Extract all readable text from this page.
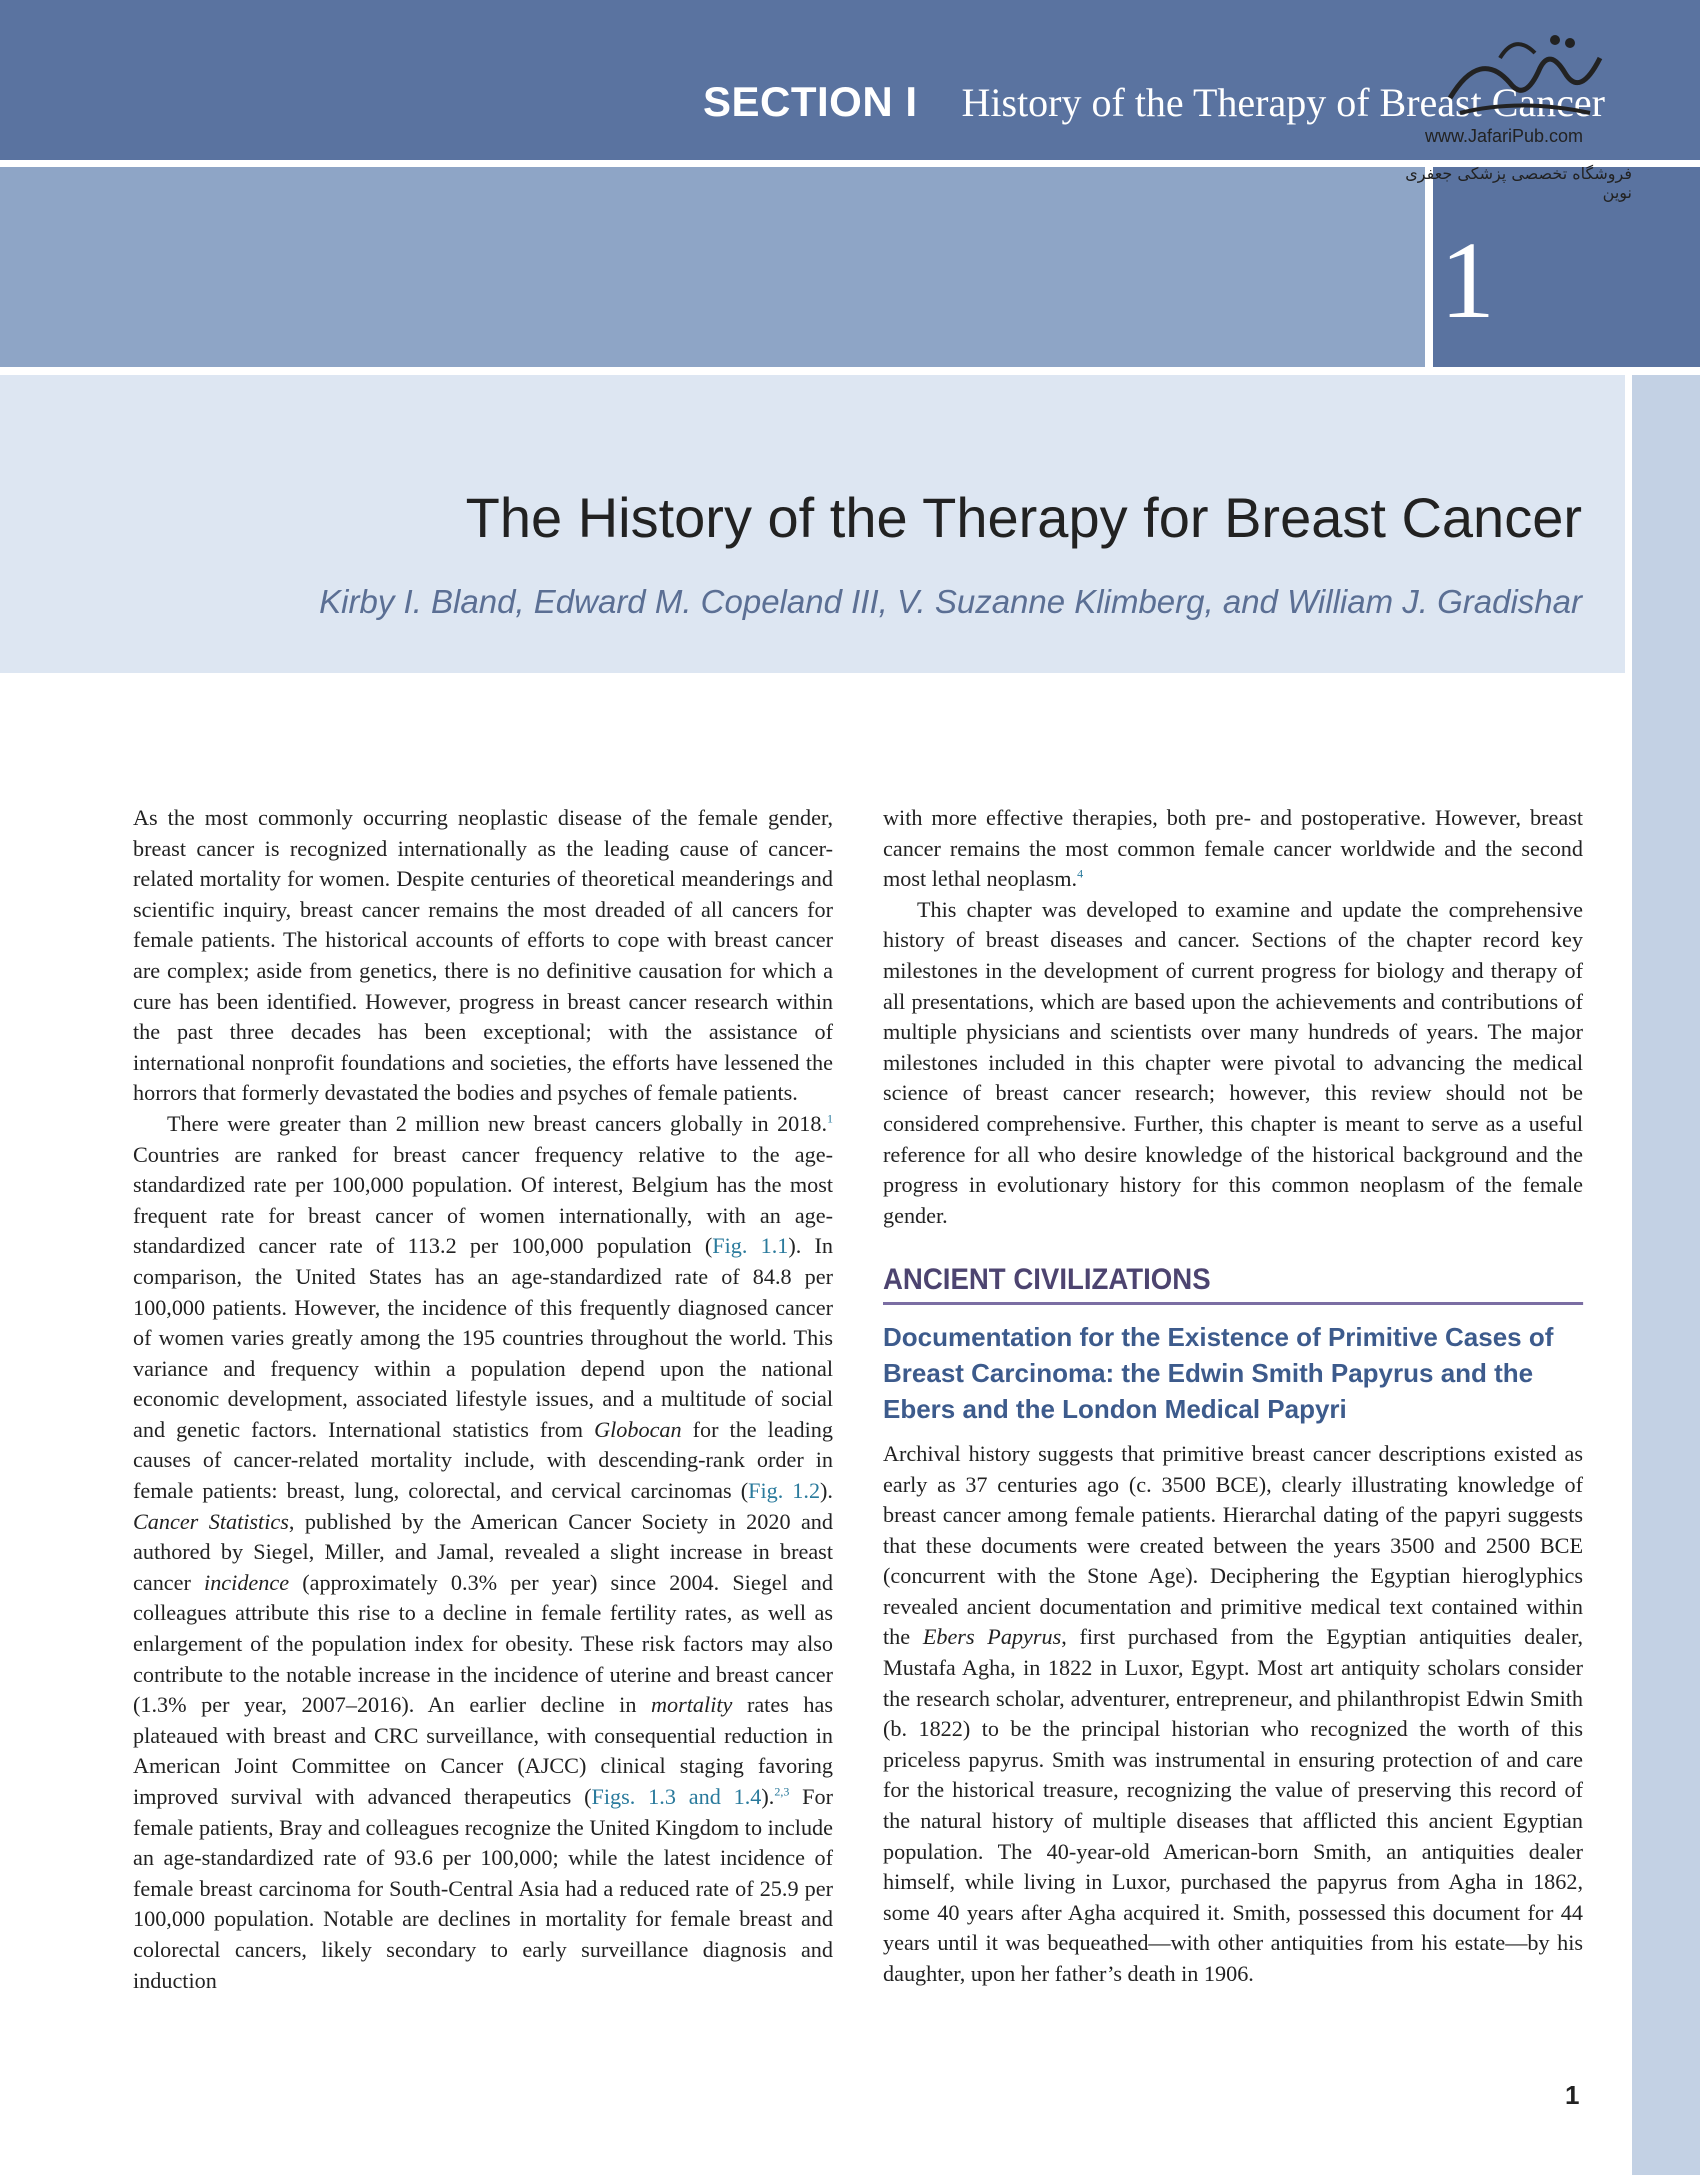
SECTION I History of the Therapy of Breast Cancer
1
www.JafariPub.com
فروشگاه تخصصی پزشکی جعفری نوین
The History of the Therapy for Breast Cancer
Kirby I. Bland, Edward M. Copeland III, V. Suzanne Klimberg, and William J. Gradishar

As the most commonly occurring neoplastic disease of the female gender, breast cancer is recognized internationally as the leading cause of cancer-related mortality for women. Despite centuries of theoretical meanderings and scientific inquiry, breast cancer remains the most dreaded of all cancers for female patients. The historical accounts of efforts to cope with breast cancer are complex; aside from genetics, there is no definitive causation for which a cure has been identified. However, progress in breast cancer research within the past three decades has been exceptional; with the assistance of international nonprofit foundations and societies, the efforts have lessened the horrors that formerly devastated the bodies and psyches of female patients.

There were greater than 2 million new breast cancers globally in 2018.$^1$ Countries are ranked for breast cancer frequency relative to the age-standardized rate per 100,000 population. Of interest, Belgium has the most frequent rate for breast cancer of women internationally, with an age-standardized cancer rate of 113.2 per 100,000 population (Fig. 1.1). In comparison, the United States has an age-standardized rate of 84.8 per 100,000 patients. However, the incidence of this frequently diagnosed cancer of women varies greatly among the 195 countries throughout the world. This variance and frequency within a population depend upon the national economic development, associated lifestyle issues, and a multitude of social and genetic factors. International statistics from Globocan for the leading causes of cancer-related mortality include, with descending-rank order in female patients: breast, lung, colorectal, and cervical carcinomas (Fig. 1.2). Cancer Statistics, published by the American Cancer Society in 2020 and authored by Siegel, Miller, and Jamal, revealed a slight increase in breast cancer incidence (approximately 0.3% per year) since 2004. Siegel and colleagues attribute this rise to a decline in female fertility rates, as well as enlargement of the population index for obesity. These risk factors may also contribute to the notable increase in the incidence of uterine and breast cancer (1.3% per year, 2007–2016). An earlier decline in mortality rates has plateaued with breast and CRC surveillance, with consequential reduction in American Joint Committee on Cancer (AJCC) clinical staging favoring improved survival with advanced therapeutics (Figs. 1.3 and 1.4).$^{2,3}$ For female patients, Bray and colleagues recognize the United Kingdom to include an age-standardized rate of 93.6 per 100,000; while the latest incidence of female breast carcinoma for South-Central Asia had a reduced rate of 25.9 per 100,000 population. Notable are declines in mortality for female breast and colorectal cancers, likely secondary to early surveillance diagnosis and induction

with more effective therapies, both pre- and postoperative. However, breast cancer remains the most common female cancer worldwide and the second most lethal neoplasm.$^4$

This chapter was developed to examine and update the comprehensive history of breast diseases and cancer. Sections of the chapter record key milestones in the development of current progress for biology and therapy of all presentations, which are based upon the achievements and contributions of multiple physicians and scientists over many hundreds of years. The major milestones included in this chapter were pivotal to advancing the medical science of breast cancer research; however, this review should not be considered comprehensive. Further, this chapter is meant to serve as a useful reference for all who desire knowledge of the historical background and the progress in evolutionary history for this common neoplasm of the female gender.

ANCIENT CIVILIZATIONS
Documentation for the Existence of Primitive Cases of Breast Carcinoma: the Edwin Smith Papyrus and the Ebers and the London Medical Papyri

Archival history suggests that primitive breast cancer descriptions existed as early as 37 centuries ago (c. 3500 BCE), clearly illustrating knowledge of breast cancer among female patients. Hierarchal dating of the papyri suggests that these documents were created between the years 3500 and 2500 BCE (concurrent with the Stone Age). Deciphering the Egyptian hieroglyphics revealed ancient documentation and primitive medical text contained within the Ebers Papyrus, first purchased from the Egyptian antiquities dealer, Mustafa Agha, in 1822 in Luxor, Egypt. Most art antiquity scholars consider the research scholar, adventurer, entrepreneur, and philanthropist Edwin Smith (b. 1822) to be the principal historian who recognized the worth of this priceless papyrus. Smith was instrumental in ensuring protection of and care for the historical treasure, recognizing the value of preserving this record of the natural history of multiple diseases that afflicted this ancient Egyptian population. The 40-year-old American-born Smith, an antiquities dealer himself, while living in Luxor, purchased the papyrus from Agha in 1862, some 40 years after Agha acquired it. Smith, possessed this document for 44 years until it was bequeathed—with other antiquities from his estate—by his daughter, upon her father’s death in 1906.

1
